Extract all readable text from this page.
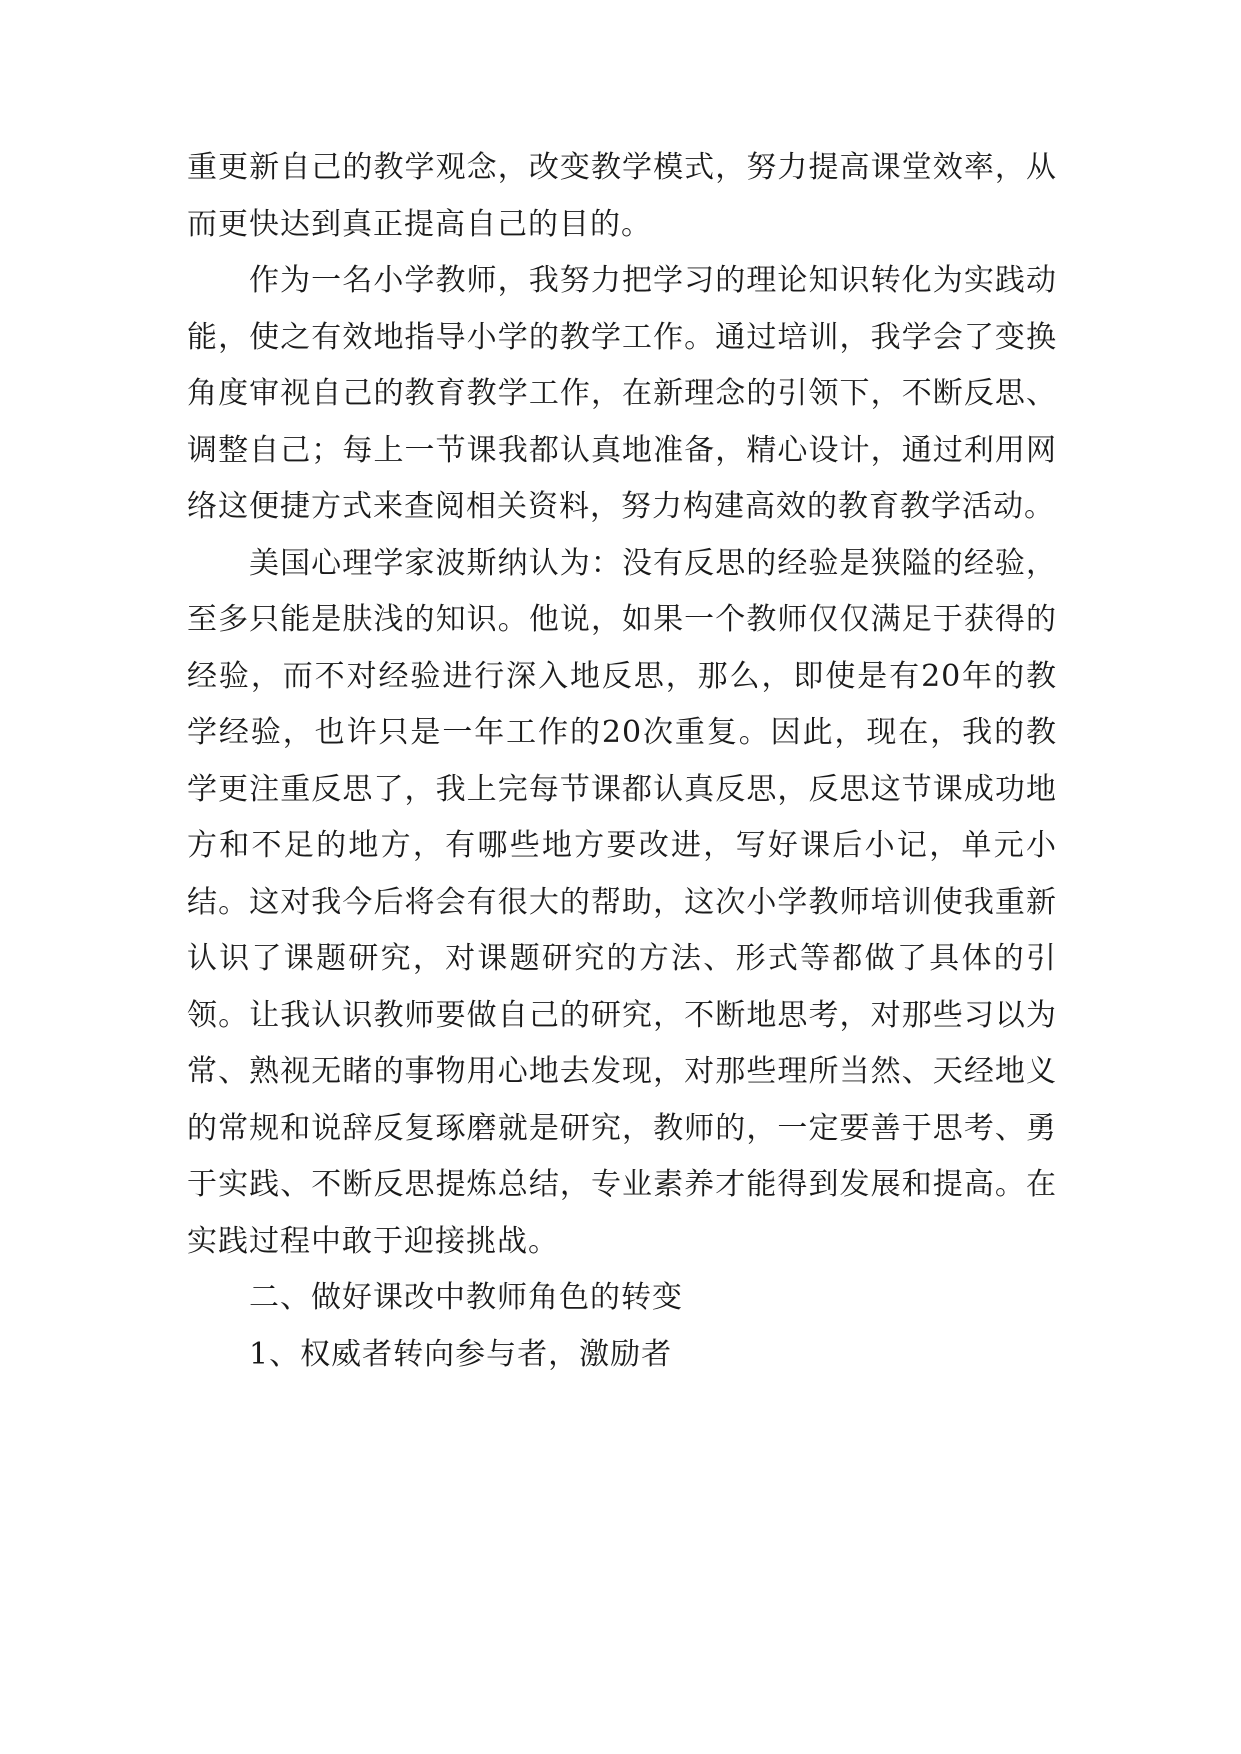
重更新自己的教学观念，改变教学模式，努力提高课堂效率，从而更快达到真正提高自己的目的。

作为一名小学教师，我努力把学习的理论知识转化为实践动能，使之有效地指导小学的教学工作。通过培训，我学会了变换角度审视自己的教育教学工作，在新理念的引领下，不断反思、调整自己；每上一节课我都认真地准备，精心设计，通过利用网络这便捷方式来查阅相关资料，努力构建高效的教育教学活动。

美国心理学家波斯纳认为：没有反思的经验是狭隘的经验，至多只能是肤浅的知识。他说，如果一个教师仅仅满足于获得的经验，而不对经验进行深入地反思，那么，即使是有20年的教学经验，也许只是一年工作的20次重复。因此，现在，我的教学更注重反思了，我上完每节课都认真反思，反思这节课成功地方和不足的地方，有哪些地方要改进，写好课后小记，单元小结。这对我今后将会有很大的帮助，这次小学教师培训使我重新认识了课题研究，对课题研究的方法、形式等都做了具体的引领。让我认识教师要做自己的研究，不断地思考，对那些习以为常、熟视无睹的事物用心地去发现，对那些理所当然、天经地义的常规和说辞反复琢磨就是研究，教师的，一定要善于思考、勇于实践、不断反思提炼总结，专业素养才能得到发展和提高。在实践过程中敢于迎接挑战。

二、做好课改中教师角色的转变

1、权威者转向参与者，激励者
